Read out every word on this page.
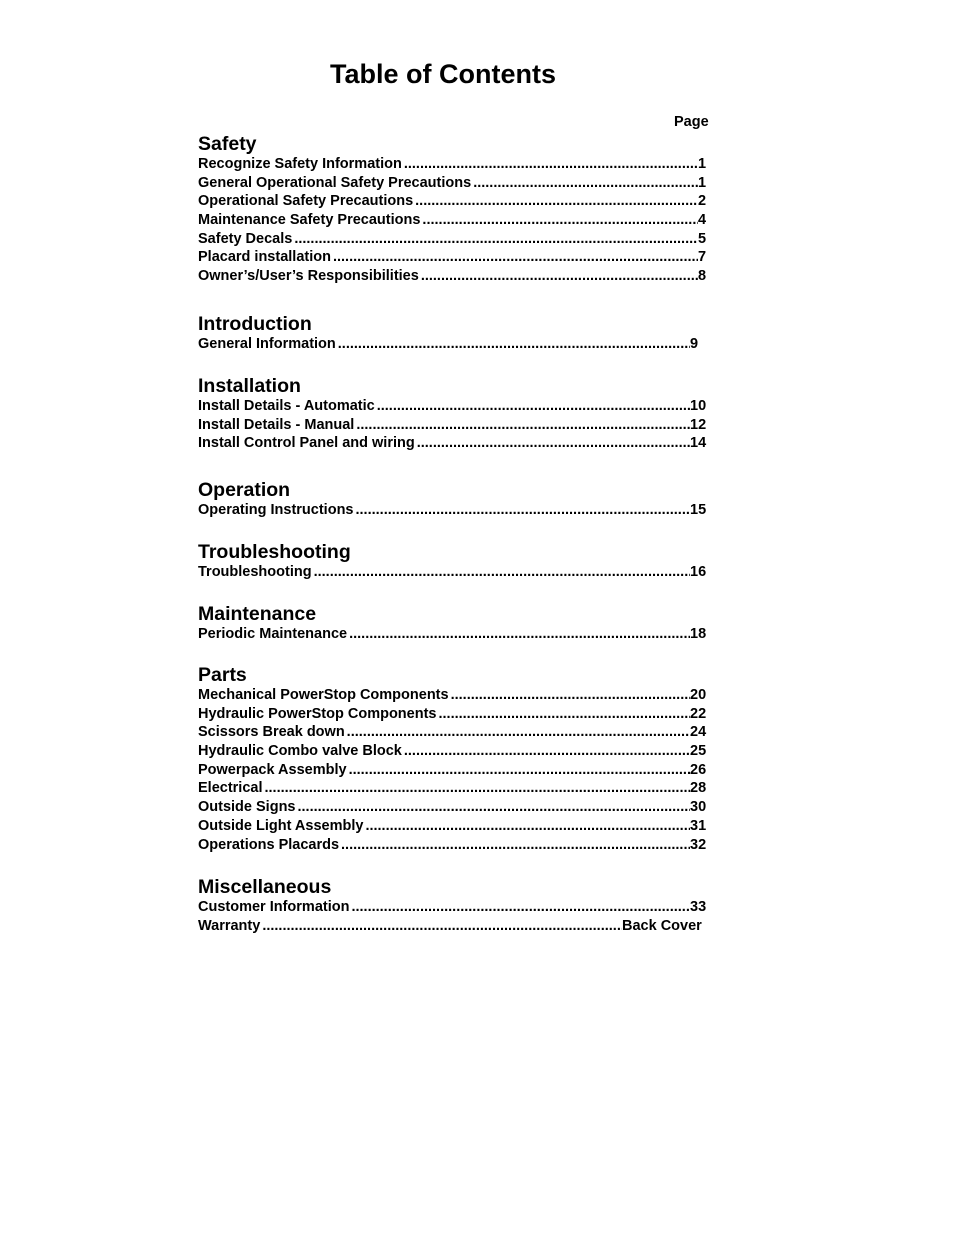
Table of Contents
Page
Safety
Recognize Safety Information .....	1
General Operational Safety Precautions .....	1
Operational Safety Precautions .....	2
Maintenance Safety Precautions .....	4
Safety Decals .....	5
Placard installation .....	7
Owner’s/User’s Responsibilities .....	8
Introduction
General Information .....	9
Installation
Install Details - Automatic .....	10
Install Details - Manual .....	12
Install Control Panel and wiring .....	14
Operation
Operating Instructions .....	15
Troubleshooting
Troubleshooting .....	16
Maintenance
Periodic Maintenance .....	18
Parts
Mechanical PowerStop Components .....	20
Hydraulic PowerStop Components .....	22
Scissors Break down .....	24
Hydraulic Combo valve Block .....	25
Powerpack Assembly .....	26
Electrical .....	28
Outside Signs .....	30
Outside Light Assembly .....	31
Operations Placards .....	32
Miscellaneous
Customer Information .....	33
Warranty .....	Back Cover
